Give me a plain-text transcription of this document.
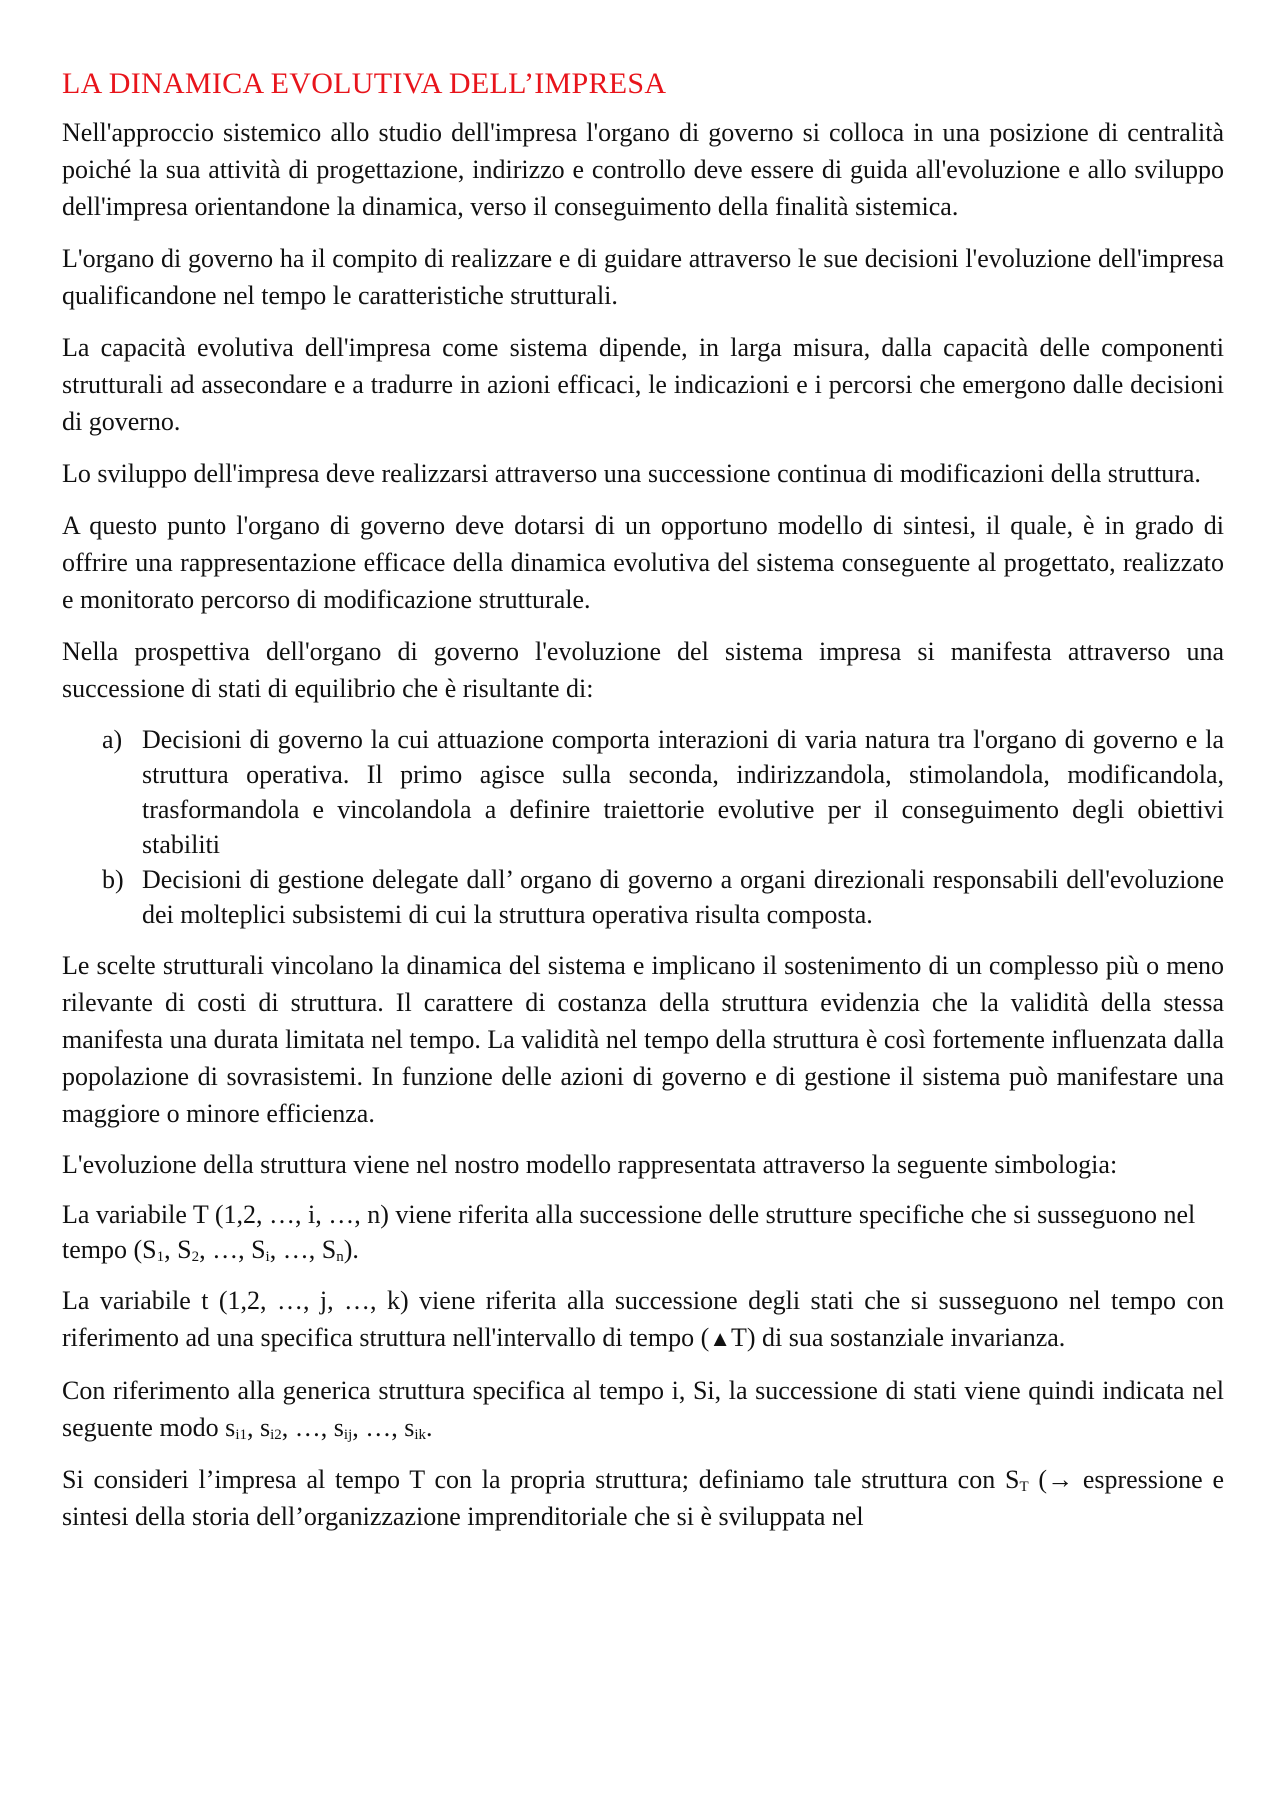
LA DINAMICA EVOLUTIVA DELL’IMPRESA

Nell'approccio sistemico allo studio dell'impresa l'organo di governo si colloca in una posizione di centralità poiché la sua attività di progettazione, indirizzo e controllo deve essere di guida all'evoluzione e allo sviluppo dell'impresa orientandone la dinamica, verso il conseguimento della finalità sistemica.

L'organo di governo ha il compito di realizzare e di guidare attraverso le sue decisioni l'evoluzione dell'impresa qualificandone nel tempo le caratteristiche strutturali.

La capacità evolutiva dell'impresa come sistema dipende, in larga misura, dalla capacità delle componenti strutturali ad assecondare e a tradurre in azioni efficaci, le indicazioni e i percorsi che emergono dalle decisioni di governo.

Lo sviluppo dell'impresa deve realizzarsi attraverso una successione continua di modificazioni della struttura.

A questo punto l'organo di governo deve dotarsi di un opportuno modello di sintesi, il quale, è in grado di offrire una rappresentazione efficace della dinamica evolutiva del sistema conseguente al progettato, realizzato e monitorato percorso di modificazione strutturale.

Nella prospettiva dell'organo di governo l'evoluzione del sistema impresa si manifesta attraverso una successione di stati di equilibrio che è risultante di:

a) Decisioni di governo la cui attuazione comporta interazioni di varia natura tra l'organo di governo e la struttura operativa. Il primo agisce sulla seconda, indirizzandola, stimolandola, modificandola, trasformandola e vincolandola a definire traiettorie evolutive per il conseguimento degli obiettivi stabiliti
b) Decisioni di gestione delegate dall’ organo di governo a organi direzionali responsabili dell'evoluzione dei molteplici subsistemi di cui la struttura operativa risulta composta.

Le scelte strutturali vincolano la dinamica del sistema e implicano il sostenimento di un complesso più o meno rilevante di costi di struttura. Il carattere di costanza della struttura evidenzia che la validità della stessa manifesta una durata limitata nel tempo. La validità nel tempo della struttura è così fortemente influenzata dalla popolazione di sovrasistemi. In funzione delle azioni di governo e di gestione il sistema può manifestare una maggiore o minore efficienza.

L'evoluzione della struttura viene nel nostro modello rappresentata attraverso la seguente simbologia:

La variabile T (1,2, …, i, …, n) viene riferita alla successione delle strutture specifiche che si susseguono nel tempo ($S_1$, $S_2$, …, $S_i$, …, $S_n$).

La variabile t (1,2, …, j, …, k) viene riferita alla successione degli stati che si susseguono nel tempo con riferimento ad una specifica struttura nell'intervallo di tempo (▲T) di sua sostanziale invarianza.

Con riferimento alla generica struttura specifica al tempo i, Si, la successione di stati viene quindi indicata nel seguente modo $s_{i1}$, $s_{i2}$, …, $s_{ij}$, …, $s_{ik}$.

Si consideri l’impresa al tempo T con la propria struttura; definiamo tale struttura con $S_T$ (→ espressione e sintesi della storia dell’organizzazione imprenditoriale che si è sviluppata nel
